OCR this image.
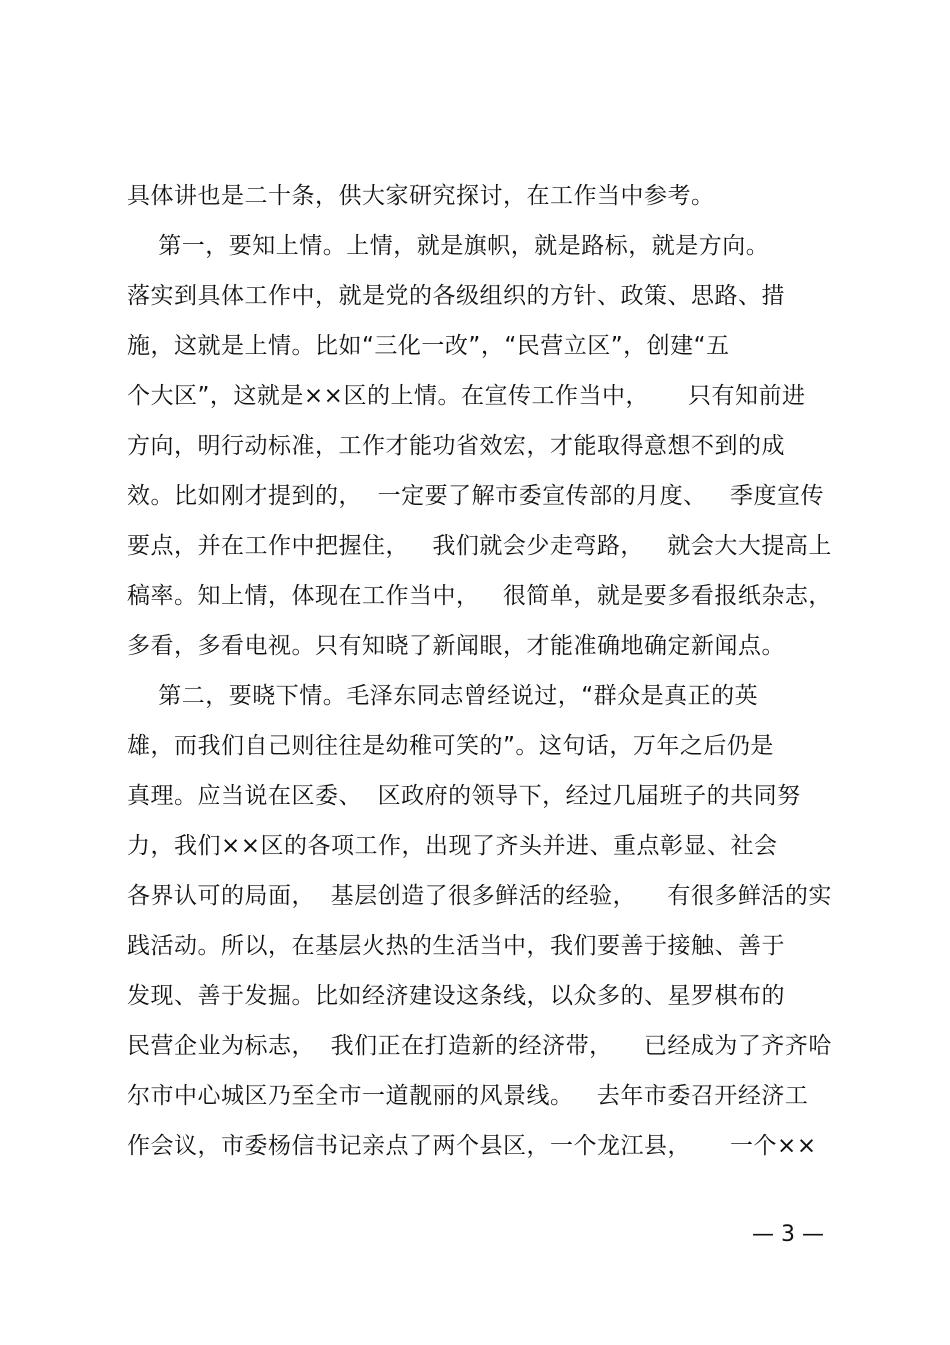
具体讲也是二十条，供大家研究探讨，在工作当中参考。
第一，要知上情。上情，就是旗帜，就是路标，就是方向。
落实到具体工作中，就是党的各级组织的方针、政策、思路、措
施，这就是上情。比如“三化一改”，“民营立区”，创建“五
个大区”，这就是××区的上情。在宣传工作当中，     只有知前进
方向，明行动标准，工作才能功省效宏，才能取得意想不到的成
效。比如刚才提到的，  一定要了解市委宣传部的月度、   季度宣传
要点，并在工作中把握住，   我们就会少走弯路，   就会大大提高上
稿率。知上情，体现在工作当中，   很简单，就是要多看报纸杂志，
多看，多看电视。只有知晓了新闻眼，才能准确地确定新闻点。
第二，要晓下情。毛泽东同志曾经说过，“群众是真正的英
雄，而我们自己则往往是幼稚可笑的”。这句话，万年之后仍是
真理。应当说在区委、  区政府的领导下，经过几届班子的共同努
力，我们××区的各项工作，出现了齐头并进、重点彰显、社会
各界认可的局面，  基层创造了很多鲜活的经验，    有很多鲜活的实
践活动。所以，在基层火热的生活当中，我们要善于接触、善于
发现、善于发掘。比如经济建设这条线，以众多的、星罗棋布的
民营企业为标志，  我们正在打造新的经济带，    已经成为了齐齐哈
尔市中心城区乃至全市一道靓丽的风景线。   去年市委召开经济工
作会议，市委杨信书记亲点了两个县区，一个龙江县，     一个××
— 3 —
